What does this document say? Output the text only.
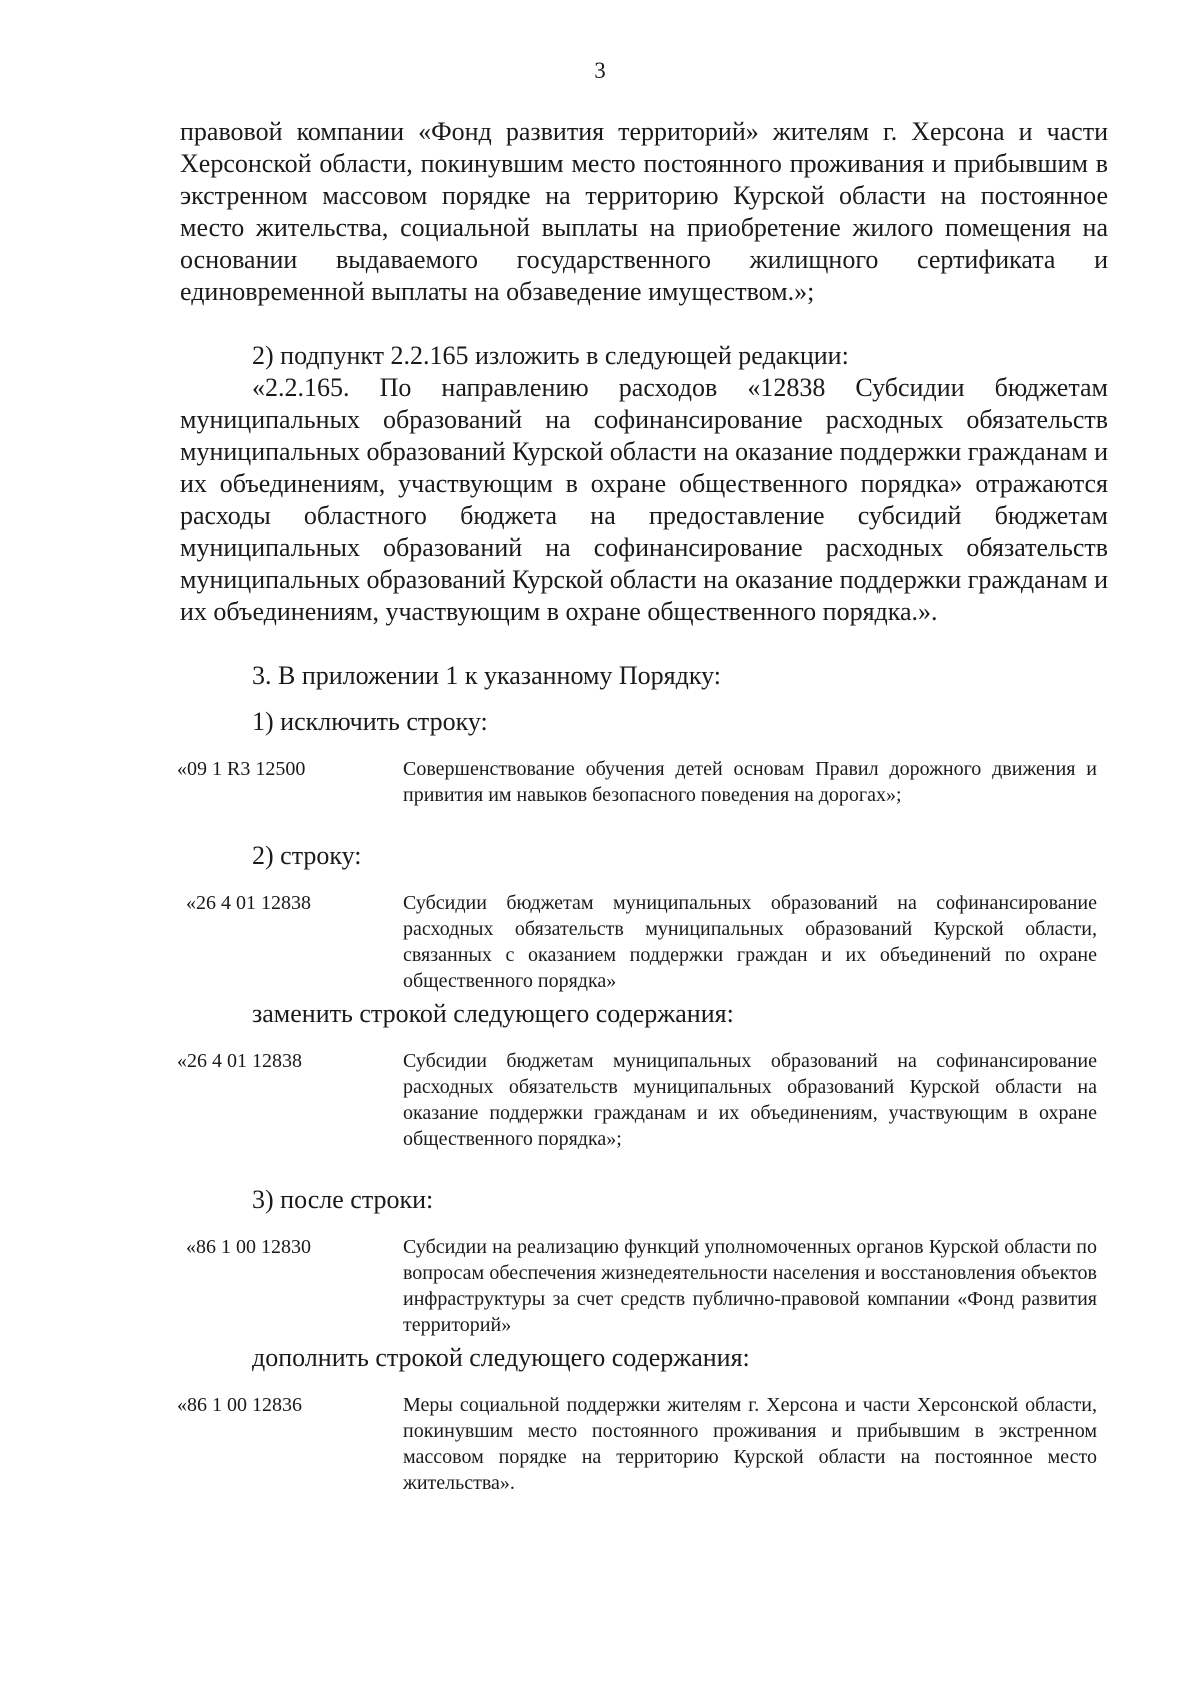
3

правовой компании «Фонд развития территорий» жителям г. Херсона и части Херсонской области, покинувшим место постоянного проживания и прибывшим в экстренном массовом порядке на территорию Курской области на постоянное место жительства, социальной выплаты на приобретение жилого помещения на основании выдаваемого государственного жилищного сертификата и единовременной выплаты на обзаведение имуществом.»;

2) подпункт 2.2.165 изложить в следующей редакции:

«2.2.165. По направлению расходов «12838 Субсидии бюджетам муниципальных образований на софинансирование расходных обязательств муниципальных образований Курской области на оказание поддержки гражданам и их объединениям, участвующим в охране общественного порядка» отражаются расходы областного бюджета на предоставление субсидий бюджетам муниципальных образований на софинансирование расходных обязательств муниципальных образований Курской области на оказание поддержки гражданам и их объединениям, участвующим в охране общественного порядка.».

3. В приложении 1 к указанному Порядку:

1) исключить строку:

«09 1 R3 12500	Совершенствование обучения детей основам Правил дорожного движения и привития им навыков безопасного поведения на дорогах»;

2) строку:

«26 4 01 12838	Субсидии бюджетам муниципальных образований на софинансирование расходных обязательств муниципальных образований Курской области, связанных с оказанием поддержки граждан и их объединений по охране общественного порядка»

заменить строкой следующего содержания:

«26 4 01 12838	Субсидии бюджетам муниципальных образований на софинансирование расходных обязательств муниципальных образований Курской области на оказание поддержки гражданам и их объединениям, участвующим в охране общественного порядка»;

3) после строки:

«86 1 00 12830	Субсидии на реализацию функций уполномоченных органов Курской области по вопросам обеспечения жизнедеятельности населения и восстановления объектов инфраструктуры за счет средств публично-правовой компании «Фонд развития территорий»

дополнить строкой следующего содержания:

«86 1 00 12836	Меры социальной поддержки жителям г. Херсона и части Херсонской области, покинувшим место постоянного проживания и прибывшим в экстренном массовом порядке на территорию Курской области на постоянное место жительства».
